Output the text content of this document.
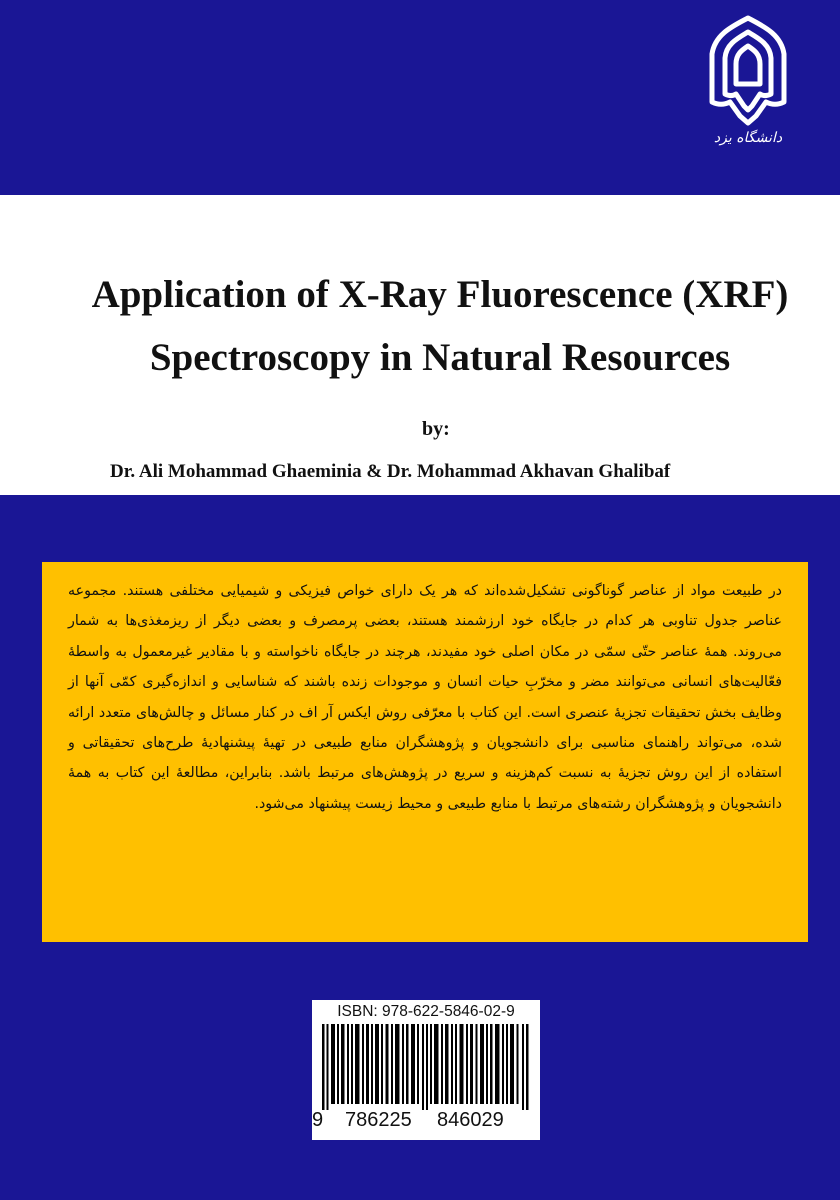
دانشگاه یزد
Application of X-Ray Fluorescence (XRF)
Spectroscopy in Natural Resources
by:
Dr. Ali Mohammad Ghaeminia & Dr. Mohammad Akhavan Ghalibaf

در طبیعت مواد از عناصر گوناگونی تشکیل‌شده‌اند که هر یک دارای خواص فیزیکی و شیمیایی مختلفی هستند. مجموعه عناصر جدول تناوبی هر کدام در جایگاه خود ارزشمند هستند، بعضی پرمصرف و بعضی دیگر از ریزمغذی‌ها به شمار می‌روند. همهٔ عناصر حتّی سمّی در مکان اصلی خود مفیدند، هرچند در جایگاه ناخواسته و با مقادیر غیرمعمول به واسطهٔ فعّالیت‌های انسانی می‌توانند مضر و مخرّبِ حیات انسان و موجودات زنده باشند که شناسایی و اندازه‌گیری کمّی آنها از وظایف بخش تحقیقات تجزیهٔ عنصری است. این کتاب با معرّفی روش ایکس آر اف در کنار مسائل و چالش‌های متعدد ارائه شده، می‌تواند راهنمای مناسبی برای دانشجویان و پژوهشگران منابع طبیعی در تهیهٔ پیشنهادیهٔ طرح‌های تحقیقاتی و استفاده از این روش تجزیهٔ به نسبت کم‌هزینه و سریع در پژوهش‌های مرتبط باشد. بنابراین، مطالعهٔ این کتاب به همهٔ دانشجویان و پژوهشگران رشته‌های مرتبط با منابع طبیعی و محیط زیست پیشنهاد می‌شود.

ISBN: 978-622-5846-02-9
9 786225 846029
